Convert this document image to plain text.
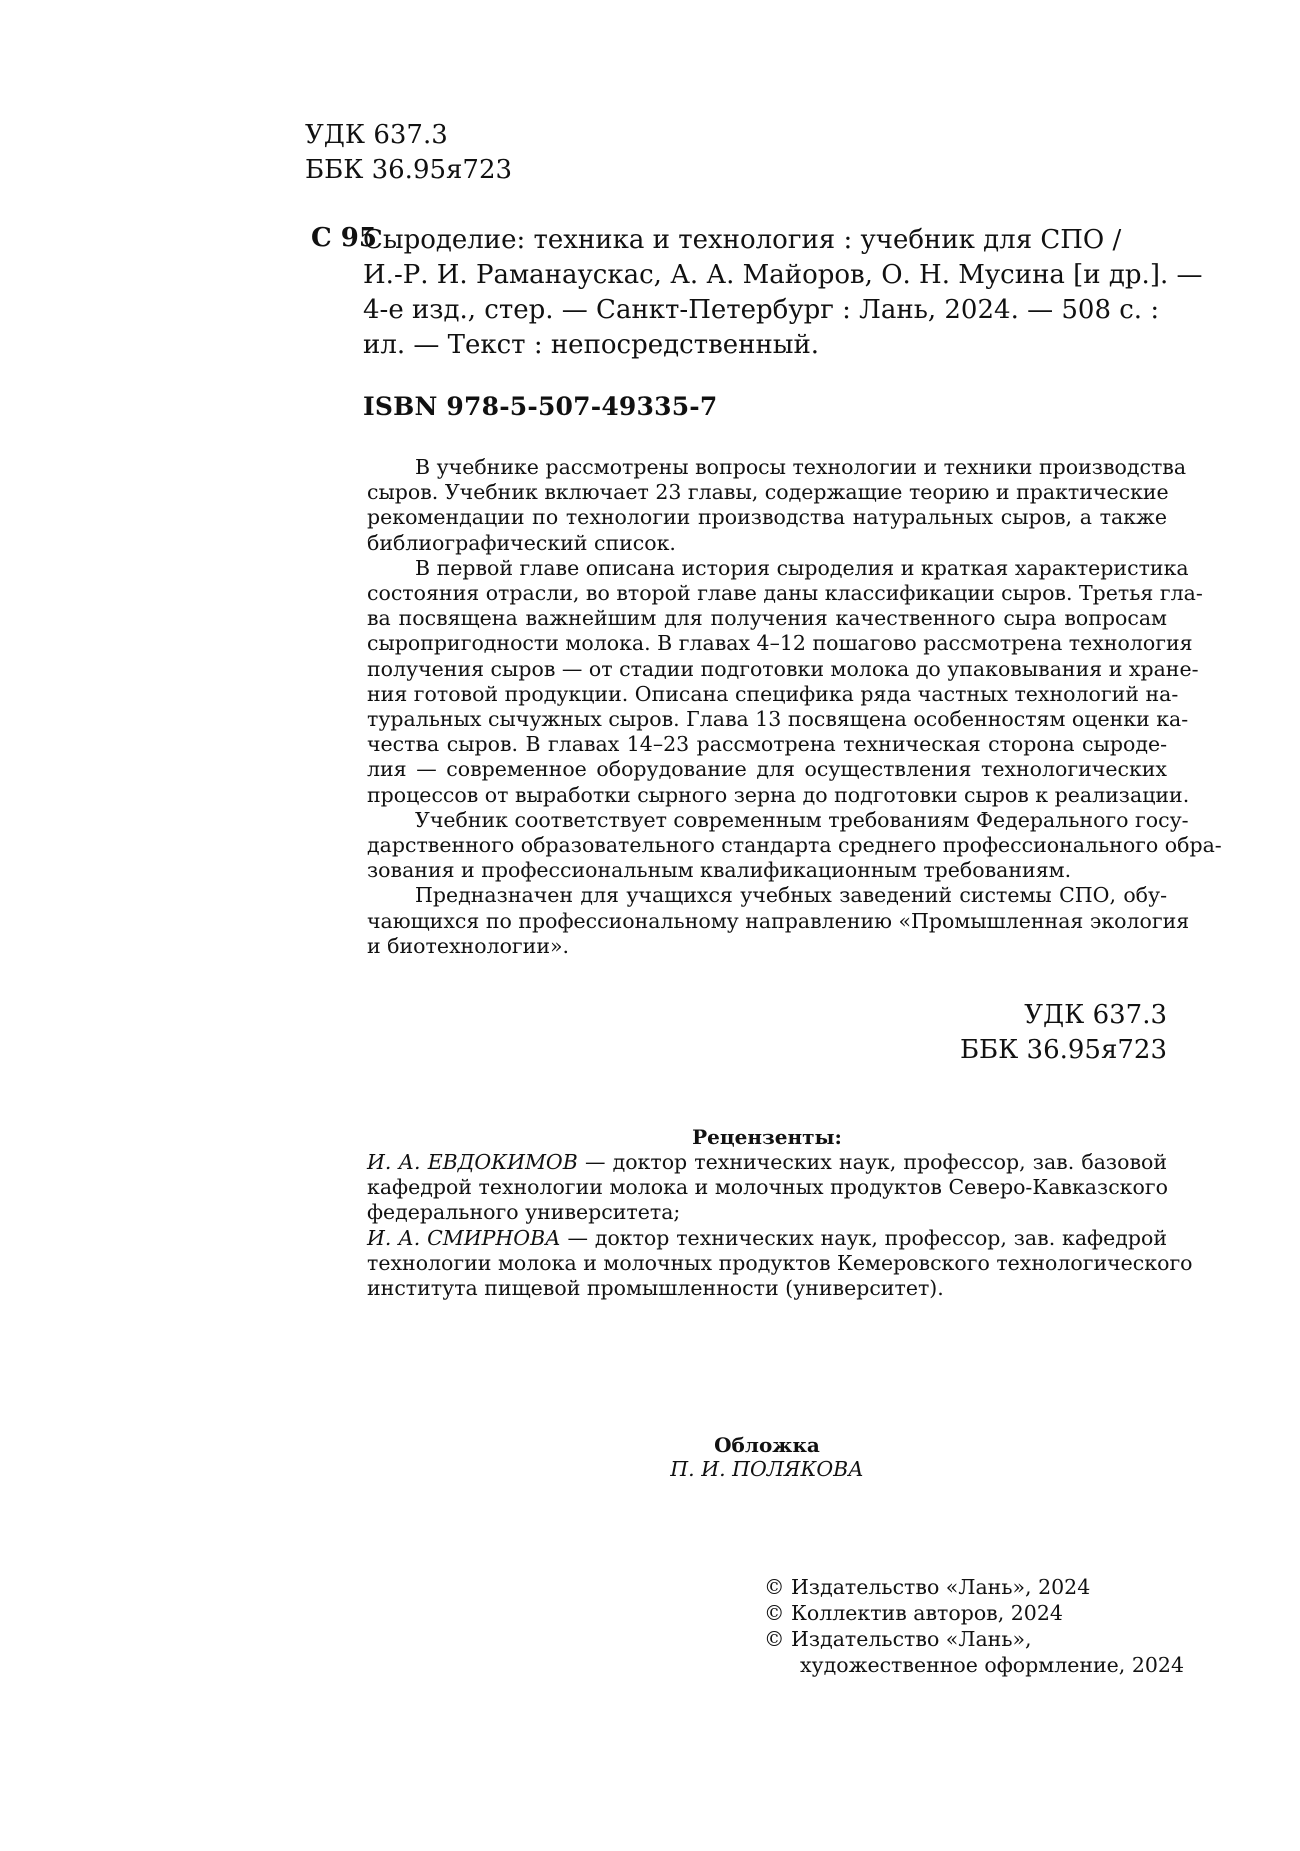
УДК 637.3
ББК 36.95я723
С 95
Сыроделие: техника и технология : учебник для СПО /
И.-Р. И. Раманаускас, А. А. Майоров, О. Н. Мусина [и др.]. —
4-е изд., стер. — Санкт-Петербург : Лань, 2024. — 508 с. :
ил. — Текст : непосредственный.
ISBN 978-5-507-49335-7

В учебнике рассмотрены вопросы технологии и техники производства
сыров. Учебник включает 23 главы, содержащие теорию и практические
рекомендации по технологии производства натуральных сыров, а также
библиографический список.

В первой главе описана история сыроделия и краткая характеристика
состояния отрасли, во второй главе даны классификации сыров. Третья гла-
ва посвящена важнейшим для получения качественного сыра вопросам
сыропригодности молока. В главах 4–12 пошагово рассмотрена технология
получения сыров — от стадии подготовки молока до упаковывания и хране-
ния готовой продукции. Описана специфика ряда частных технологий на-
туральных сычужных сыров. Глава 13 посвящена особенностям оценки ка-
чества сыров. В главах 14–23 рассмотрена техническая сторона сыроде-
лия — современное оборудование для осуществления технологических
процессов от выработки сырного зерна до подготовки сыров к реализации.

Учебник соответствует современным требованиям Федерального госу-
дарственного образовательного стандарта среднего профессионального обра-
зования и профессиональным квалификационным требованиям.

Предназначен для учащихся учебных заведений системы СПО, обу-
чающихся по профессиональному направлению «Промышленная экология
и биотехнологии».

УДК 637.3
ББК 36.95я723
Рецензенты:
И. А. ЕВДОКИМОВ — доктор технических наук, профессор, зав. базовой
кафедрой технологии молока и молочных продуктов Северо-Кавказского
федерального университета;
И. А. СМИРНОВА — доктор технических наук, профессор, зав. кафедрой
технологии молока и молочных продуктов Кемеровского технологического
института пищевой промышленности (университет).
Обложка
П. И. ПОЛЯКОВА
© Издательство «Лань», 2024
© Коллектив авторов, 2024
© Издательство «Лань»,
художественное оформление, 2024
